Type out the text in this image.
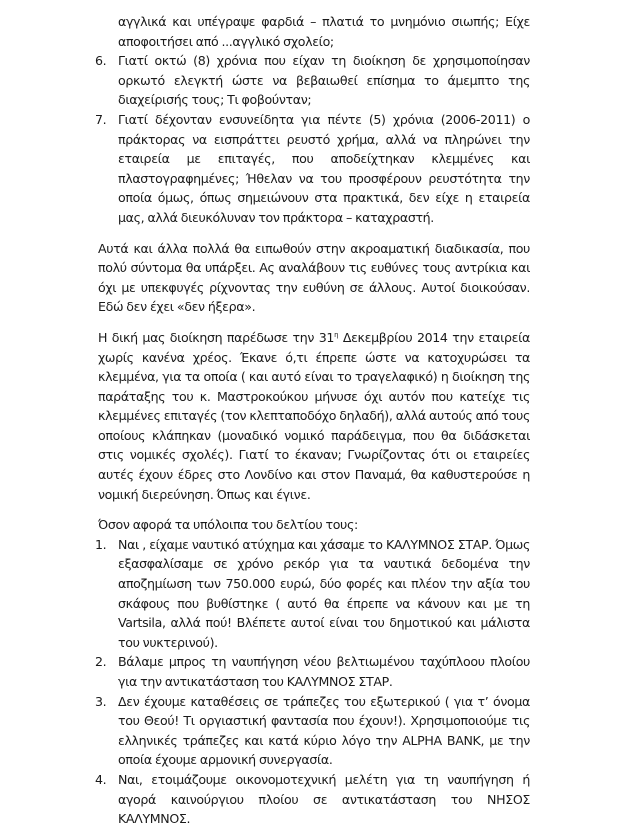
αγγλικά και υπέγραψε φαρδιά – πλατιά το μνημόνιο σιωπής; Είχε αποφοιτήσει από ...αγγλικό σχολείο;
6. Γιατί οκτώ (8) χρόνια που είχαν τη διοίκηση δε χρησιμοποίησαν ορκωτό ελεγκτή ώστε να βεβαιωθεί επίσημα το άμεμπτο της διαχείρισής τους; Τι φοβούνταν;
7. Γιατί δέχονταν ενσυνείδητα για πέντε (5) χρόνια (2006-2011) ο πράκτορας να εισπράττει ρευστό χρήμα, αλλά να πληρώνει την εταιρεία με επιταγές, που αποδείχτηκαν κλεμμένες και πλαστογραφημένες; Ήθελαν να του προσφέρουν ρευστότητα την οποία όμως, όπως σημειώνουν στα πρακτικά, δεν είχε η εταιρεία μας, αλλά διευκόλυναν τον πράκτορα – καταχραστή.

Αυτά και άλλα πολλά θα ειπωθούν στην ακροαματική διαδικασία, που πολύ σύντομα θα υπάρξει. Ας αναλάβουν τις ευθύνες τους αντρίκια και όχι με υπεκφυγές ρίχνοντας την ευθύνη σε άλλους. Αυτοί διοικούσαν. Εδώ δεν έχει «δεν ήξερα».

Η δική μας διοίκηση παρέδωσε την $31^\eta$ Δεκεμβρίου 2014 την εταιρεία χωρίς κανένα χρέος. Έκανε ό,τι έπρεπε ώστε να κατοχυρώσει τα κλεμμένα, για τα οποία ( και αυτό είναι το τραγελαφικό) η διοίκηση της παράταξης του κ. Μαστροκούκου μήνυσε όχι αυτόν που κατείχε τις κλεμμένες επιταγές (τον κλεπταποδόχο δηλαδή), αλλά αυτούς από τους οποίους κλάπηκαν (μοναδικό νομικό παράδειγμα, που θα διδάσκεται στις νομικές σχολές). Γιατί το έκαναν; Γνωρίζοντας ότι οι εταιρείες αυτές έχουν έδρες στο Λονδίνο και στον Παναμά, θα καθυστερούσε η νομική διερεύνηση. Όπως και έγινε.

Όσον αφορά τα υπόλοιπα του δελτίου τους:

1. Ναι , είχαμε ναυτικό ατύχημα και χάσαμε το ΚΑΛΥΜΝΟΣ ΣΤΑΡ. Όμως εξασφαλίσαμε σε χρόνο ρεκόρ για τα ναυτικά δεδομένα την αποζημίωση των 750.000 ευρώ, δύο φορές και πλέον την αξία του σκάφους που βυθίστηκε ( αυτό θα έπρεπε να κάνουν και με τη Vartsila, αλλά πού! Βλέπετε αυτοί είναι του δημοτικού και μάλιστα του νυκτερινού).
2. Βάλαμε μπρος τη ναυπήγηση νέου βελτιωμένου ταχύπλοου πλοίου για την αντικατάσταση του ΚΑΛΥΜΝΟΣ ΣΤΑΡ.
3. Δεν έχουμε καταθέσεις σε τράπεζες του εξωτερικού ( για τ’ όνομα του Θεού! Τι οργιαστική φαντασία που έχουν!). Χρησιμοποιούμε τις ελληνικές τράπεζες και κατά κύριο λόγο την ALPHA BANK, με την οποία έχουμε αρμονική συνεργασία.
4. Ναι, ετοιμάζουμε οικονομοτεχνική μελέτη για τη ναυπήγηση ή αγορά καινούργιου πλοίου σε αντικατάσταση του ΝΗΣΟΣ ΚΑΛΥΜΝΟΣ.
